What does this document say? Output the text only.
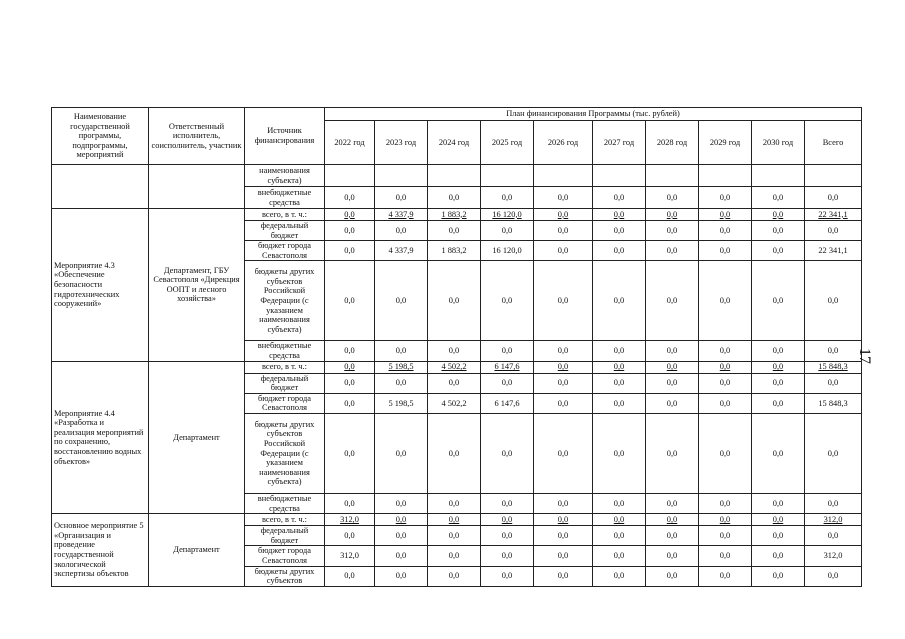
Наименование государственной программы, подпрограммы, мероприятий	Ответственный исполнитель, соисполнитель, участник	Источник финансирования	План финансирования Программы (тыс. рублей)									
			2022 год	2023 год	2024 год	2025 год	2026 год	2027 год	2028 год	2029 год	2030 год	Всего
		наименования субъекта)										
		внебюджетные средства	0,0	0,0	0,0	0,0	0,0	0,0	0,0	0,0	0,0	0,0
Мероприятие 4.3 «Обеспечение безопасности гидротехнических сооружений»	Департамент, ГБУ Севастополя «Дирекция ООПТ и лесного хозяйства»	всего, в т. ч.:	0,0	4 337,9	1 883,2	16 120,0	0,0	0,0	0,0	0,0	0,0	22 341,1
		федеральный бюджет	0,0	0,0	0,0	0,0	0,0	0,0	0,0	0,0	0,0	0,0
		бюджет города Севастополя	0,0	4 337,9	1 883,2	16 120,0	0,0	0,0	0,0	0,0	0,0	22 341,1
		бюджеты других субъектов Российской Федерации (с указанием наименования субъекта)	0,0	0,0	0,0	0,0	0,0	0,0	0,0	0,0	0,0	0,0
		внебюджетные средства	0,0	0,0	0,0	0,0	0,0	0,0	0,0	0,0	0,0	0,0
Мероприятие 4.4 «Разработка и реализация мероприятий по сохранению, восстановлению водных объектов»	Департамент	всего, в т. ч.:	0,0	5 198,5	4 502,2	6 147,6	0,0	0,0	0,0	0,0	0,0	15 848,3
		федеральный бюджет	0,0	0,0	0,0	0,0	0,0	0,0	0,0	0,0	0,0	0,0
		бюджет города Севастополя	0,0	5 198,5	4 502,2	6 147,6	0,0	0,0	0,0	0,0	0,0	15 848,3
		бюджеты других субъектов Российской Федерации (с указанием наименования субъекта)	0,0	0,0	0,0	0,0	0,0	0,0	0,0	0,0	0,0	0,0
		внебюджетные средства	0,0	0,0	0,0	0,0	0,0	0,0	0,0	0,0	0,0	0,0
Основное мероприятие 5 «Организация и проведение государственной экологической экспертизы объектов	Департамент	всего, в т. ч.:	312,0	0,0	0,0	0,0	0,0	0,0	0,0	0,0	0,0	312,0
		федеральный бюджет	0,0	0,0	0,0	0,0	0,0	0,0	0,0	0,0	0,0	0,0
		бюджет города Севастополя	312,0	0,0	0,0	0,0	0,0	0,0	0,0	0,0	0,0	312,0
		бюджеты других субъектов	0,0	0,0	0,0	0,0	0,0	0,0	0,0	0,0	0,0	0,0
17
